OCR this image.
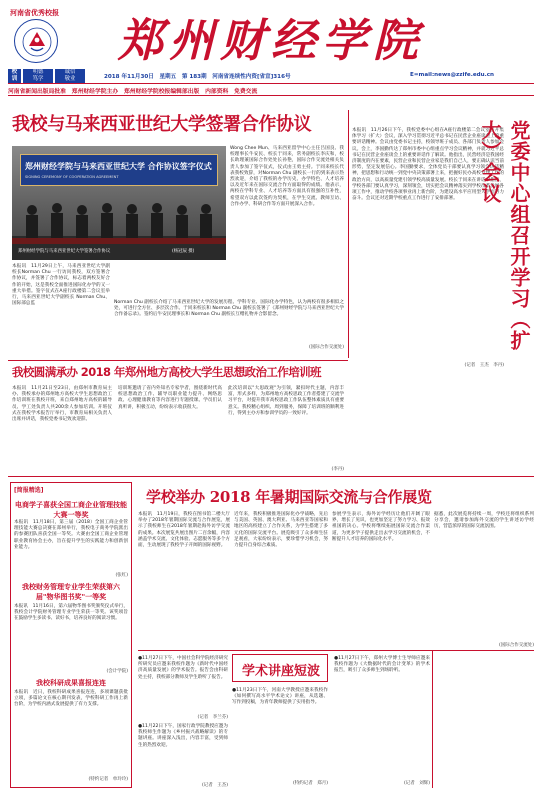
河南省优秀校报
郑州财经学院
校
训
明德
笃学
诚信
敬业	2018 年11月30日　星期五　第 183期　河南省连续性内资[省宣]316号	E=mail:news@zzife.edu.cn
河南省新闻出版局批准　郑州财经学院主办　郑州财经学院校报编辑部出版　内部资料　免费交流
我校与马来西亚世纪大学签署合作协议
郑州财经学院与马来西亚世纪大学 合作协议签字仪式
SIGNING CEREMONY OF COOPERATION AGREEMENT
郑州财经学院与马来西亚世纪大学签署合作协议	(杨冠辰 摄)
Wong Chee Mun、马来西亚留学中心主任吕国良、我校理事长牛安民、校长于同来，常务副校长李庆和，校长助理兼国际合作处处长孙艳，国际合作交流处相关负责人参加了签字仪式，仪式由王勇主持。于同来校长代表我校致辞，对Norman Chu 副校长一行的到来表示热烈欢迎，介绍了我校的办学历史、办学特色、人才培养以及近年来在国际交流合作方面取得的成绩。他表示，两校在学科专业、人才培养等方面具有很强的互补性，希望双方以此次签约为契机，在学生交流、教师互访、合作办学、科研合作等方面开展深入合作。
本报讯　11月29日上午，马来西亚世纪大学副校长Norman Chu 一行访问我校，双方签署合作协议，并签署了合作协议，标志着两校友好合作的开始，这是我校全面推进国际化办学的又一重大举措。签字仪式在A座行政楼第二会议室举行，马来西亚世纪大学副校长 Norman Chu、国际部总监	Norman Chu 副校长介绍了马来西亚世纪大学的发展历程、学科专业、国际化办学特色，认为两校有很多相似之处，可进行全方位、多层次合作。于同来校长和 Norman Chu 副校长签署了《郑州财经学院与马来西亚世纪大学合作备忘录》。签约后牛安民理事长和 Norman Chu 副校长互赠礼物并合影留念。
(国际合作交流处)
本报讯　11月26日下午，我校党委中心组在A座行政楼第二会议室召开集体学习（扩大）会议，深入学习贯彻习近平总书记在民营企业座谈会上的重要讲话精神。会议由党委书记主持，校领导班子成员、各部门负责人参加会议。会上，李国勤传达了郑州市委中心组重点学习会议精神，并就习近平总书记在民营企业座谈会上的重要讲话作了解读。他指出，民营经济是我国经济制度的内在要素，民营企业和民营企业家是我们自己人，要正确认识当前形势，坚定发展信心。李国勤要求，全体党员干部要认真学习领会讲话精神，把思想和行动统一到党中央决策部署上来，把握好民办高校党建工作的政治方向，以高质量党建引领学校高质量发展。校长于同来在讲话中指出，学校各部门要认真学习，深刻领会，切实把会议精神落实到学校改革发展各项工作中，推动学校各项事业再上新台阶，为建设高水平应用型大学而努力奋斗。会议还对近期学校重点工作进行了安排部署。	党委中心组召开学习（扩大）会议
(记者　王杰　李丹)
我校圆满承办 2018 年郑州地方高校大学生思想政治工作培训班
本报讯　11月21日至23日，由郑州市教育局主办、我校承办的郑州地方高校大学生思想政治工作培训班在我校开班，来自郑州地方高校的辅导员、学工处负责人共200余人参加培训。开班仪式在我校学术报告厅举行，市教育局相关负责人出席并讲话，我校党委书记致欢迎辞。
培训班邀请了省内外知名专家学者，围绕新时代高校思想政治工作、辅导员职业能力提升、网络思政、心理健康教育等内容进行专题授课。学员们认真听讲，积极互动，纷纷表示收获很大。
此次培训以"大思政观"为引领，紧扣时代主题，内容丰富，形式多样，为郑州地方高校思政工作者搭建了交流学习平台，对提升我市高校思政工作队伍整体素质具有重要意义。我校精心组织、周到服务，保障了培训班的顺利进行，得到主办方和参训学员的一致好评。
(李丹)
[简报精选]
电商学子喜获全国工商企业管理技能大赛一等奖
本报讯　11月18日，第三届（2018）全国工商企业管理技能大赛总决赛在郑州举行，我校电子商务学院派出的参赛团队喜获全国一等奖。大赛由全国工商企业管理职业教育协会主办，旨在提升学生的实践能力和创新创业能力。
(张红)
我校财务管理专业学生荣获第六届"物华图书奖"一等奖
本报讯　11月16日，第六届物华图书奖颁奖仪式举行，我校会计学院财务管理专业学生荣获一等奖。该奖项旨在鼓励学生多读书、读好书，培养良好的阅读习惯。
(会计学院)
我校科研成果喜报连连
本报讯　近日，我校科研成果喜报连连，多项课题获批立项，多篇论文在核心期刊发表，学校科研工作再上新台阶，为学校内涵式发展提供了有力支撑。
(特约记者　单玲玲)
学校举办 2018 年暑期国际交流与合作展览
本报讯　11月19日，我校在图书馆二楼大厅举办了2018年暑期国际交流与合作展览，展示了我校师生在2018年暑期赴海外访学交流的成果。本次展览共展出图片二百余幅，内容涵盖学术交流、文化体验、志愿服务等多个方面，生动展现了我校学子开阔的国际视野。
近年来，我校积极推进国际化办学战略，先后与美国、英国、澳大利亚、马来西亚等国家和地区的高校建立了合作关系，为学生搭建了多元化的国际交流平台。展览吸引了众多师生驻足观看，大家纷纷表示，要珍惜学习机会，努力提升自身综合素质。
参展学生表示，海外访学经历让他们开阔了眼界，增长了见识，也更加坚定了努力学习、报效祖国的决心。学校将继续拓展国际交流合作渠道，为更多学子提供走出去学习交流的机会，不断提升人才培养的国际化水平。
据悉，此次展览将持续一周，学校还将组织系列分享会，邀请参加海外交流的学生讲述访学经历，营造浓厚的国际交流氛围。
(国际合作交流处)
学术讲座短波
●11月27日下午，中国社会科学院经济研究所研究员应邀来我校作题为《新时代中国经济高质量发展》的学术报告。报告会由科研处主持，我校部分教师及学生聆听了报告。
(记者　李兰芬)
●11月22日下午，国家行政学院教授应邀为我校师生作题为《乡村振兴战略解读》的专题讲座。讲座深入浅出，内容丰富，受到师生的热烈欢迎。
(记者　王杰)
●11月23日下午，河南大学教授应邀来我校作《如何撰写高水平学术论文》讲座，从选题、写作到投稿，为青年教师提供了实用指导。
(特约记者　郑月)
●11月27日下午，郑州大学博士生导师应邀来我校作题为《大数据时代的会计变革》的学术报告，吸引了众多师生到场聆听。
(记者　刘辉)
